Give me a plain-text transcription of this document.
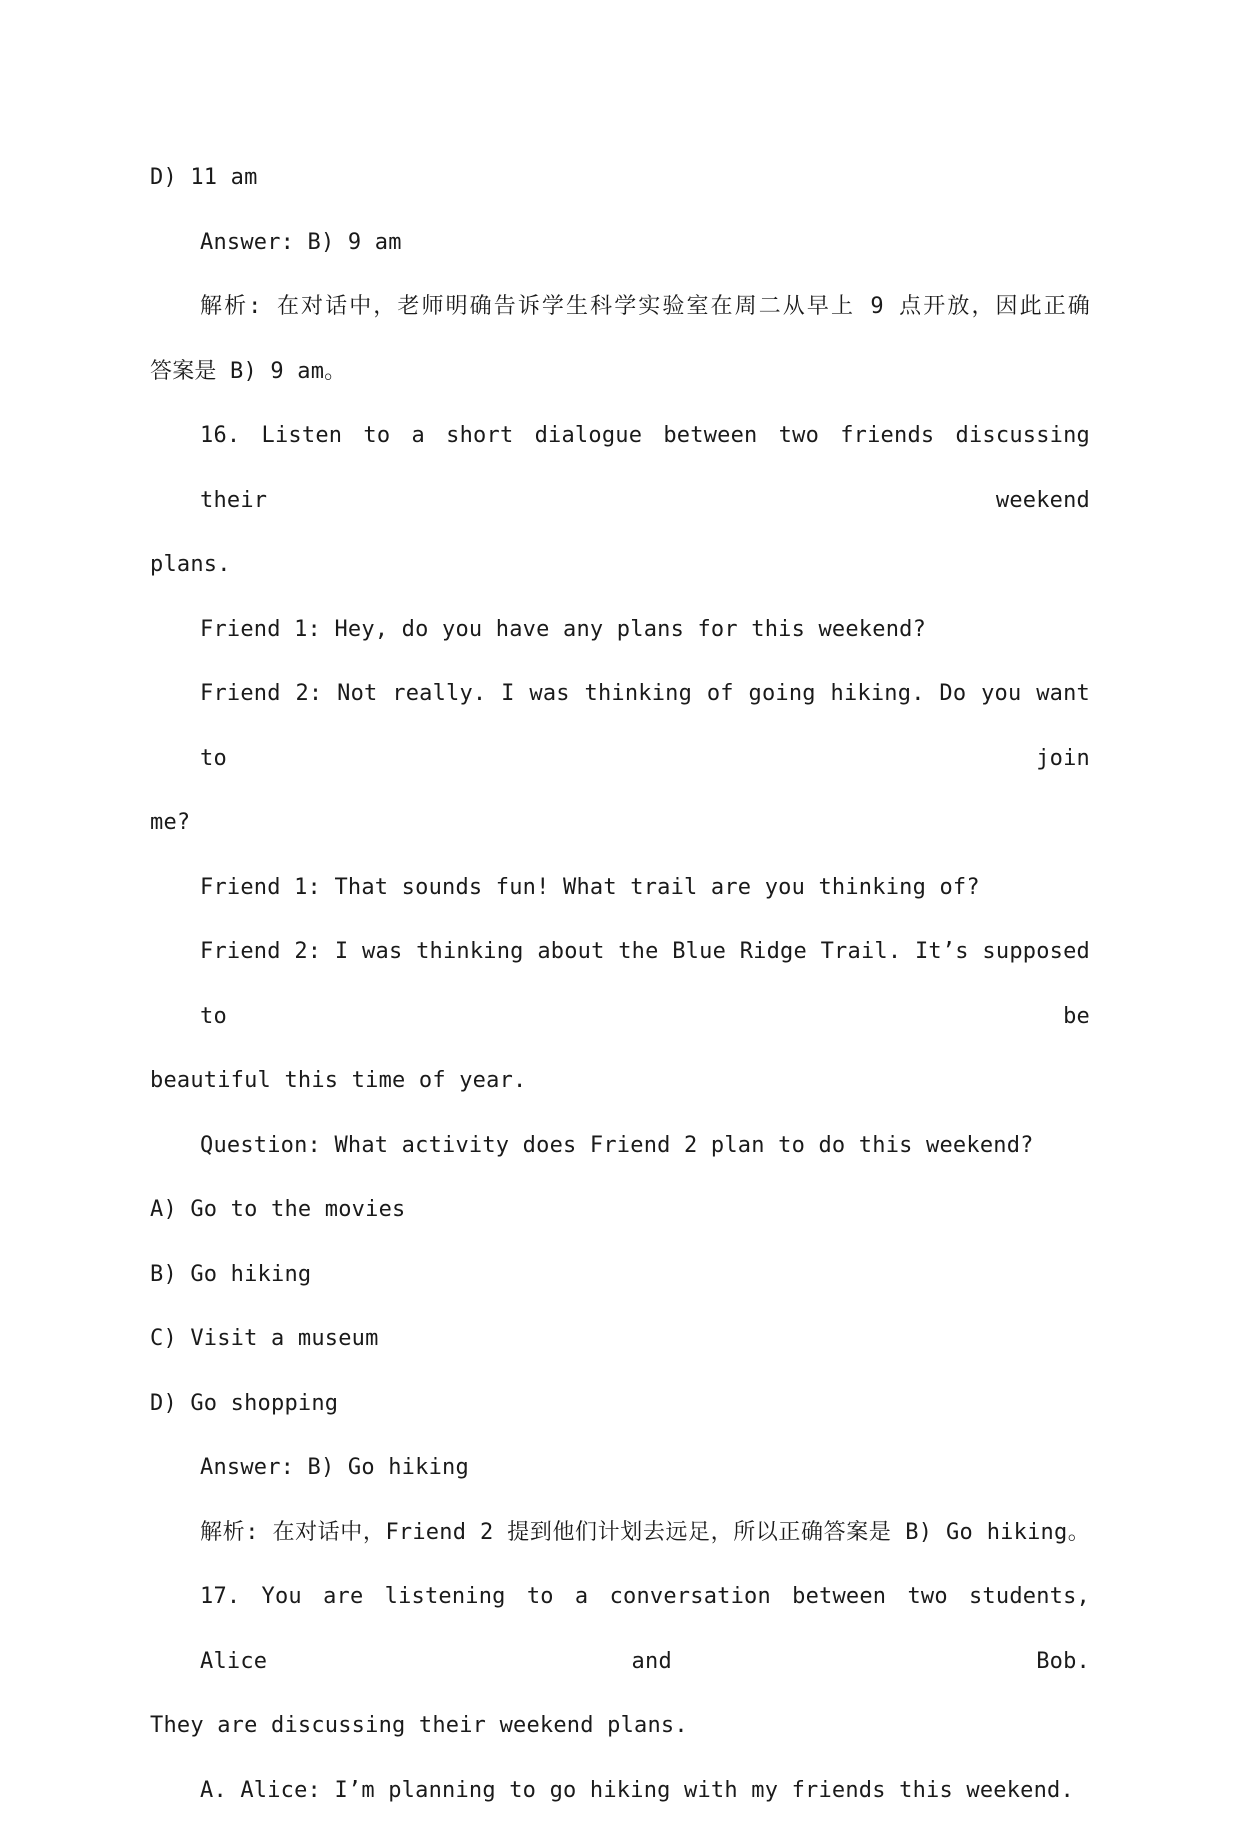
D) 11 am
Answer: B) 9 am
解析: 在对话中，老师明确告诉学生科学实验室在周二从早上 9 点开放，因此正确
答案是 B) 9 am。
16. Listen to a short dialogue between two friends discussing their weekend
plans.
Friend 1: Hey, do you have any plans for this weekend?
Friend 2: Not really. I was thinking of going hiking. Do you want to join
me?
Friend 1: That sounds fun! What trail are you thinking of?
Friend 2: I was thinking about the Blue Ridge Trail. It’s supposed to be
beautiful this time of year.
Question: What activity does Friend 2 plan to do this weekend?
A) Go to the movies
B) Go hiking
C) Visit a museum
D) Go shopping
Answer: B) Go hiking
解析: 在对话中，Friend 2 提到他们计划去远足，所以正确答案是 B) Go hiking。
17. You are listening to a conversation between two students, Alice and Bob.
They are discussing their weekend plans.
A. Alice: I’m planning to go hiking with my friends this weekend.
